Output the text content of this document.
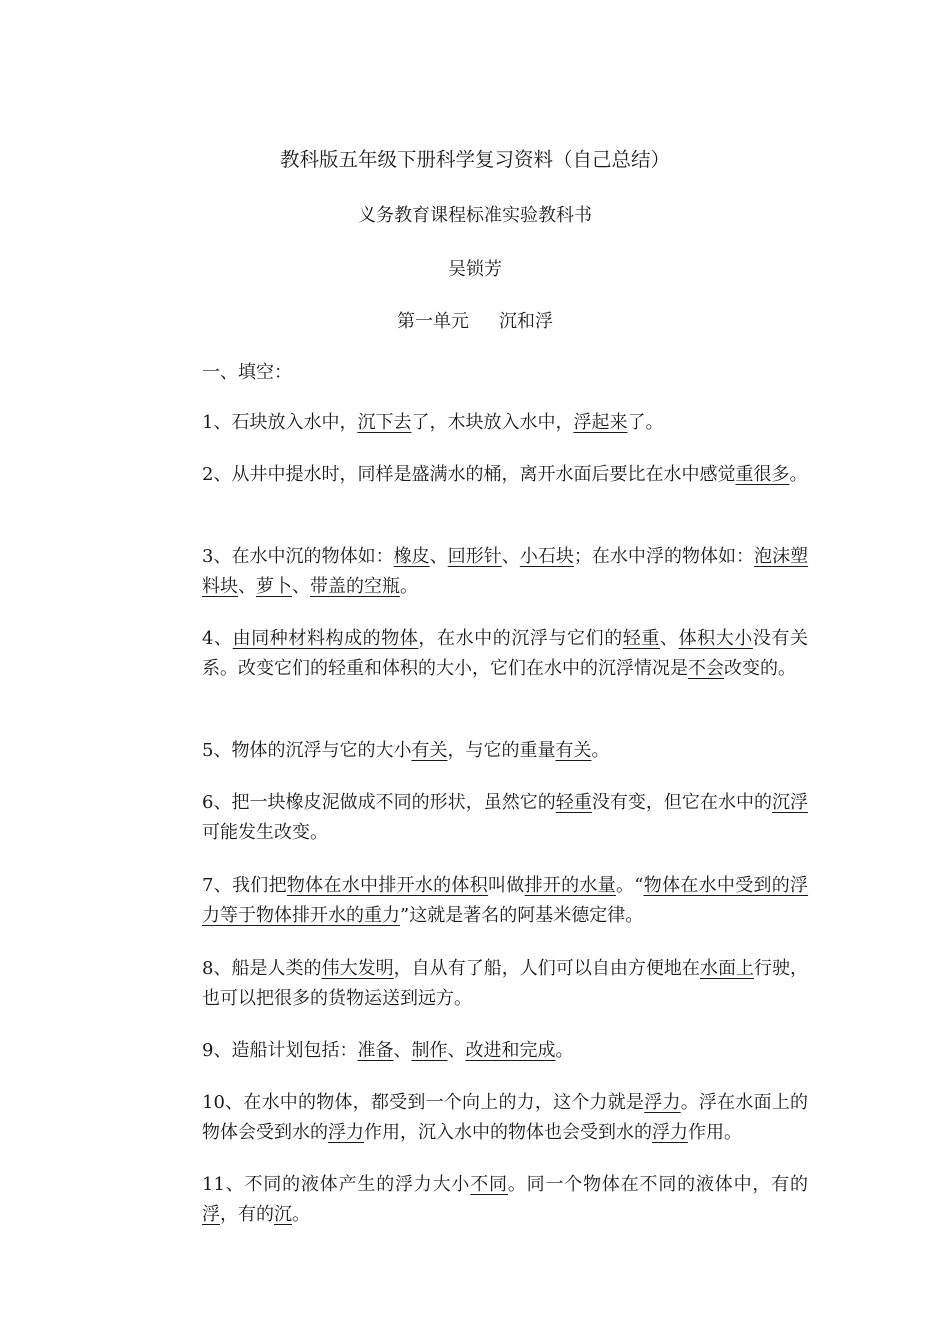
教科版五年级下册科学复习资料（自己总结）
义务教育课程标准实验教科书
吴锁芳
第一单元 沉和浮
一、填空：
1、石块放入水中，沉下去了，木块放入水中，浮起来了。
2、从井中提水时，同样是盛满水的桶，离开水面后要比在水中感觉重很多。
3、在水中沉的物体如：橡皮、回形针、小石块；在水中浮的物体如：泡沫塑料块、萝卜、带盖的空瓶。
4、由同种材料构成的物体，在水中的沉浮与它们的轻重、体积大小没有关系。改变它们的轻重和体积的大小，它们在水中的沉浮情况是不会改变的。
5、物体的沉浮与它的大小有关，与它的重量有关。
6、把一块橡皮泥做成不同的形状，虽然它的轻重没有变，但它在水中的沉浮可能发生改变。
7、我们把物体在水中排开水的体积叫做排开的水量。“物体在水中受到的浮力等于物体排开水的重力”这就是著名的阿基米德定律。
8、船是人类的伟大发明，自从有了船，人们可以自由方便地在水面上行驶，也可以把很多的货物运送到远方。
9、造船计划包括：准备、制作、改进和完成。
10、在水中的物体，都受到一个向上的力，这个力就是浮力。浮在水面上的物体会受到水的浮力作用，沉入水中的物体也会受到水的浮力作用。
11、不同的液体产生的浮力大小不同。同一个物体在不同的液体中，有的浮，有的沉。
